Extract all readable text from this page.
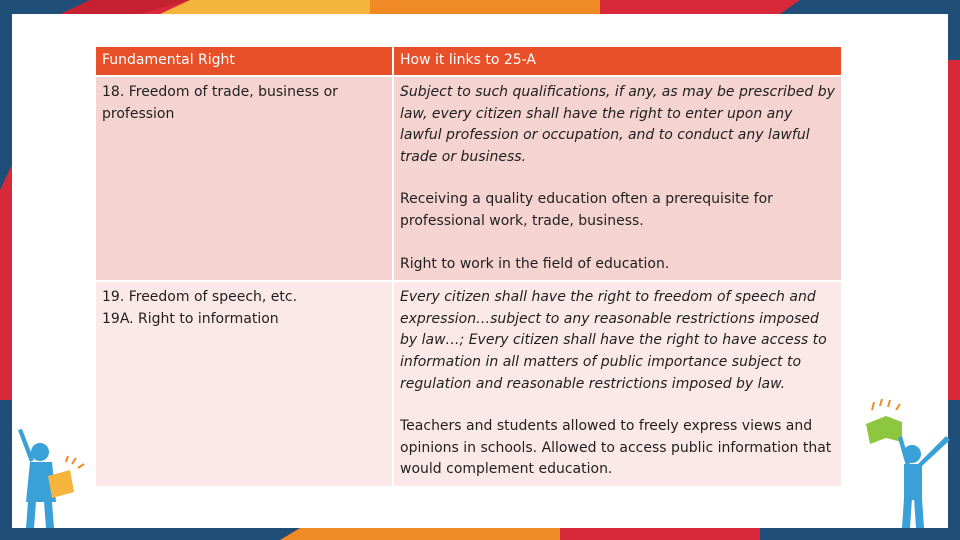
Fundamental Right	How it links to 25-A

18. Freedom of trade, business or
profession	Subject to such qualifications, if any, as may be prescribed by law, every citizen shall have the right to enter upon any lawful profession or occupation, and to conduct any lawful trade or business.
Receiving a quality education often a prerequisite for professional work, trade, business.
Right to work in the field of education.

19. Freedom of speech, etc.
19A. Right to information	Every citizen shall have the right to freedom of speech and expression…subject to any reasonable restrictions imposed by law…; Every citizen shall have the right to have access to information in all matters of public importance subject to regulation and reasonable restrictions imposed by law.
Teachers and students allowed to freely express views and opinions in schools. Allowed to access public information that would complement education.
